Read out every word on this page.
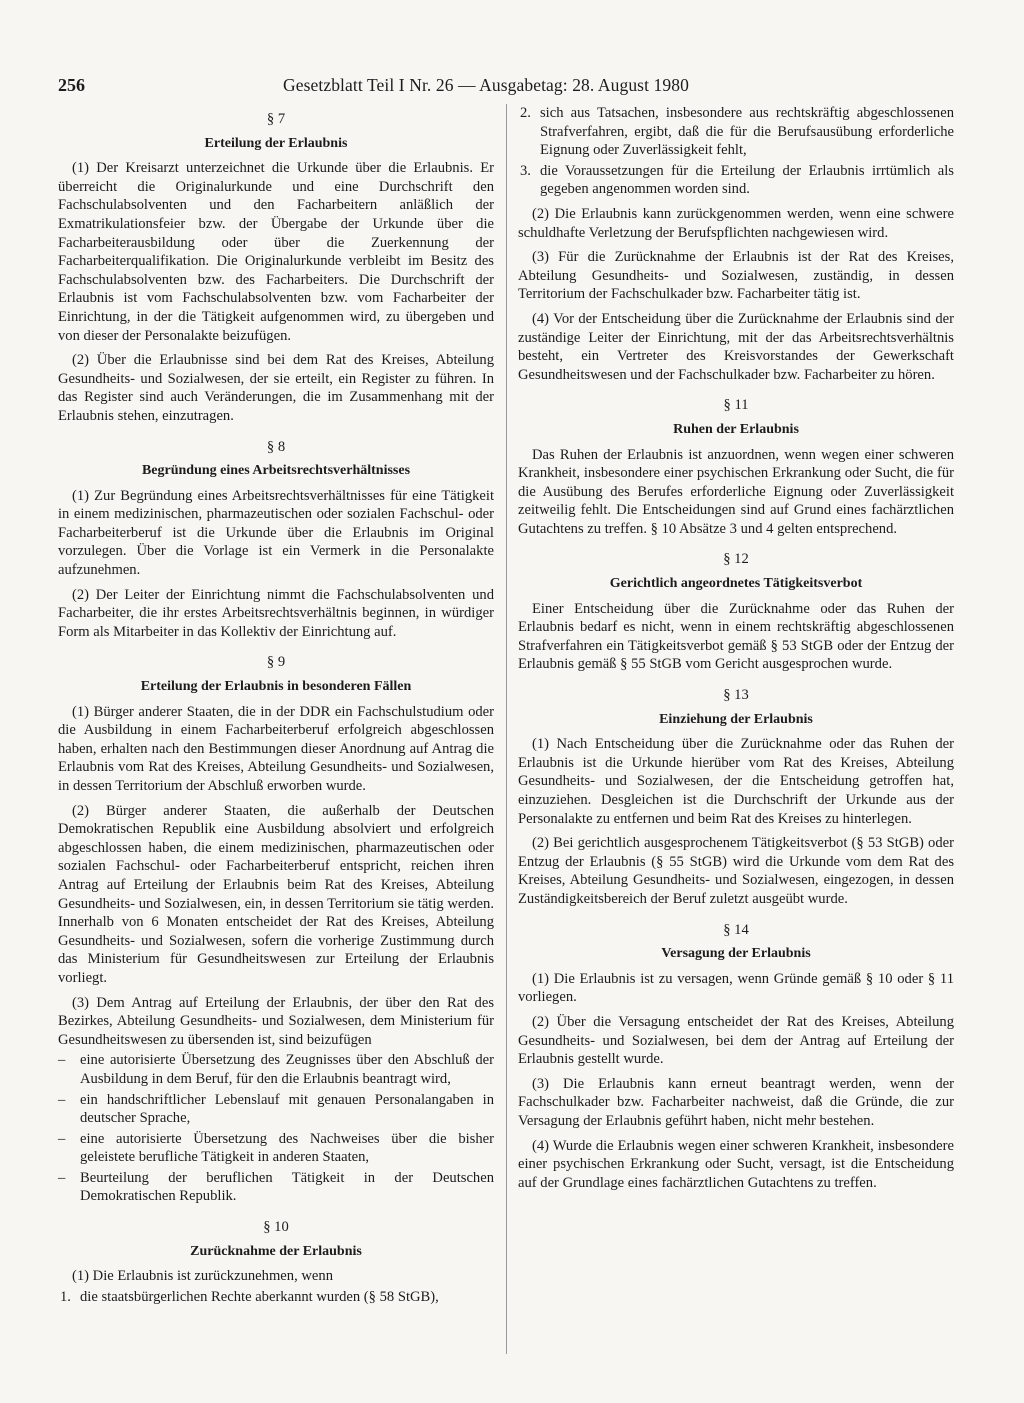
256	Gesetzblatt Teil I Nr. 26 — Ausgabetag: 28. August 1980
§ 7
Erteilung der Erlaubnis

(1) Der Kreisarzt unterzeichnet die Urkunde über die Erlaubnis. Er überreicht die Originalurkunde und eine Durchschrift den Fachschulabsolventen und den Facharbeitern anläßlich der Exmatrikulationsfeier bzw. der Übergabe der Urkunde über die Facharbeiterausbildung oder über die Zuerkennung der Facharbeiterqualifikation. Die Originalurkunde verbleibt im Besitz des Fachschulabsolventen bzw. des Facharbeiters. Die Durchschrift der Erlaubnis ist vom Fachschulabsolventen bzw. vom Facharbeiter der Einrichtung, in der die Tätigkeit aufgenommen wird, zu übergeben und von dieser der Personalakte beizufügen.

(2) Über die Erlaubnisse sind bei dem Rat des Kreises, Abteilung Gesundheits- und Sozialwesen, der sie erteilt, ein Register zu führen. In das Register sind auch Veränderungen, die im Zusammenhang mit der Erlaubnis stehen, einzutragen.

§ 8
Begründung eines Arbeitsrechtsverhältnisses

(1) Zur Begründung eines Arbeitsrechtsverhältnisses für eine Tätigkeit in einem medizinischen, pharmazeutischen oder sozialen Fachschul- oder Facharbeiterberuf ist die Urkunde über die Erlaubnis im Original vorzulegen. Über die Vorlage ist ein Vermerk in die Personalakte aufzunehmen.

(2) Der Leiter der Einrichtung nimmt die Fachschulabsolventen und Facharbeiter, die ihr erstes Arbeitsrechtsverhältnis beginnen, in würdiger Form als Mitarbeiter in das Kollektiv der Einrichtung auf.

§ 9
Erteilung der Erlaubnis in besonderen Fällen

(1) Bürger anderer Staaten, die in der DDR ein Fachschulstudium oder die Ausbildung in einem Facharbeiterberuf erfolgreich abgeschlossen haben, erhalten nach den Bestimmungen dieser Anordnung auf Antrag die Erlaubnis vom Rat des Kreises, Abteilung Gesundheits- und Sozialwesen, in dessen Territorium der Abschluß erworben wurde.

(2) Bürger anderer Staaten, die außerhalb der Deutschen Demokratischen Republik eine Ausbildung absolviert und erfolgreich abgeschlossen haben, die einem medizinischen, pharmazeutischen oder sozialen Fachschul- oder Facharbeiterberuf entspricht, reichen ihren Antrag auf Erteilung der Erlaubnis beim Rat des Kreises, Abteilung Gesundheits- und Sozialwesen, ein, in dessen Territorium sie tätig werden. Innerhalb von 6 Monaten entscheidet der Rat des Kreises, Abteilung Gesundheits- und Sozialwesen, sofern die vorherige Zustimmung durch das Ministerium für Gesundheitswesen zur Erteilung der Erlaubnis vorliegt.

(3) Dem Antrag auf Erteilung der Erlaubnis, der über den Rat des Bezirkes, Abteilung Gesundheits- und Sozialwesen, dem Ministerium für Gesundheitswesen zu übersenden ist, sind beizufügen

– eine autorisierte Übersetzung des Zeugnisses über den Abschluß der Ausbildung in dem Beruf, für den die Erlaubnis beantragt wird,
– ein handschriftlicher Lebenslauf mit genauen Personalangaben in deutscher Sprache,
– eine autorisierte Übersetzung des Nachweises über die bisher geleistete berufliche Tätigkeit in anderen Staaten,
– Beurteilung der beruflichen Tätigkeit in der Deutschen Demokratischen Republik.
§ 10
Zurücknahme der Erlaubnis

(1) Die Erlaubnis ist zurückzunehmen, wenn

1. die staatsbürgerlichen Rechte aberkannt wurden (§ 58 StGB),
2. sich aus Tatsachen, insbesondere aus rechtskräftig abgeschlossenen Strafverfahren, ergibt, daß die für die Berufsausübung erforderliche Eignung oder Zuverlässigkeit fehlt,
3. die Voraussetzungen für die Erteilung der Erlaubnis irrtümlich als gegeben angenommen worden sind.

(2) Die Erlaubnis kann zurückgenommen werden, wenn eine schwere schuldhafte Verletzung der Berufspflichten nachgewiesen wird.

(3) Für die Zurücknahme der Erlaubnis ist der Rat des Kreises, Abteilung Gesundheits- und Sozialwesen, zuständig, in dessen Territorium der Fachschulkader bzw. Facharbeiter tätig ist.

(4) Vor der Entscheidung über die Zurücknahme der Erlaubnis sind der zuständige Leiter der Einrichtung, mit der das Arbeitsrechtsverhältnis besteht, ein Vertreter des Kreisvorstandes der Gewerkschaft Gesundheitswesen und der Fachschulkader bzw. Facharbeiter zu hören.

§ 11
Ruhen der Erlaubnis

Das Ruhen der Erlaubnis ist anzuordnen, wenn wegen einer schweren Krankheit, insbesondere einer psychischen Erkrankung oder Sucht, die für die Ausübung des Berufes erforderliche Eignung oder Zuverlässigkeit zeitweilig fehlt. Die Entscheidungen sind auf Grund eines fachärztlichen Gutachtens zu treffen. § 10 Absätze 3 und 4 gelten entsprechend.

§ 12
Gerichtlich angeordnetes Tätigkeitsverbot

Einer Entscheidung über die Zurücknahme oder das Ruhen der Erlaubnis bedarf es nicht, wenn in einem rechtskräftig abgeschlossenen Strafverfahren ein Tätigkeitsverbot gemäß § 53 StGB oder der Entzug der Erlaubnis gemäß § 55 StGB vom Gericht ausgesprochen wurde.

§ 13
Einziehung der Erlaubnis

(1) Nach Entscheidung über die Zurücknahme oder das Ruhen der Erlaubnis ist die Urkunde hierüber vom Rat des Kreises, Abteilung Gesundheits- und Sozialwesen, der die Entscheidung getroffen hat, einzuziehen. Desgleichen ist die Durchschrift der Urkunde aus der Personalakte zu entfernen und beim Rat des Kreises zu hinterlegen.

(2) Bei gerichtlich ausgesprochenem Tätigkeitsverbot (§ 53 StGB) oder Entzug der Erlaubnis (§ 55 StGB) wird die Urkunde vom dem Rat des Kreises, Abteilung Gesundheits- und Sozialwesen, eingezogen, in dessen Zuständigkeitsbereich der Beruf zuletzt ausgeübt wurde.

§ 14
Versagung der Erlaubnis

(1) Die Erlaubnis ist zu versagen, wenn Gründe gemäß § 10 oder § 11 vorliegen.

(2) Über die Versagung entscheidet der Rat des Kreises, Abteilung Gesundheits- und Sozialwesen, bei dem der Antrag auf Erteilung der Erlaubnis gestellt wurde.

(3) Die Erlaubnis kann erneut beantragt werden, wenn der Fachschulkader bzw. Facharbeiter nachweist, daß die Gründe, die zur Versagung der Erlaubnis geführt haben, nicht mehr bestehen.

(4) Wurde die Erlaubnis wegen einer schweren Krankheit, insbesondere einer psychischen Erkrankung oder Sucht, versagt, ist die Entscheidung auf der Grundlage eines fachärztlichen Gutachtens zu treffen.
